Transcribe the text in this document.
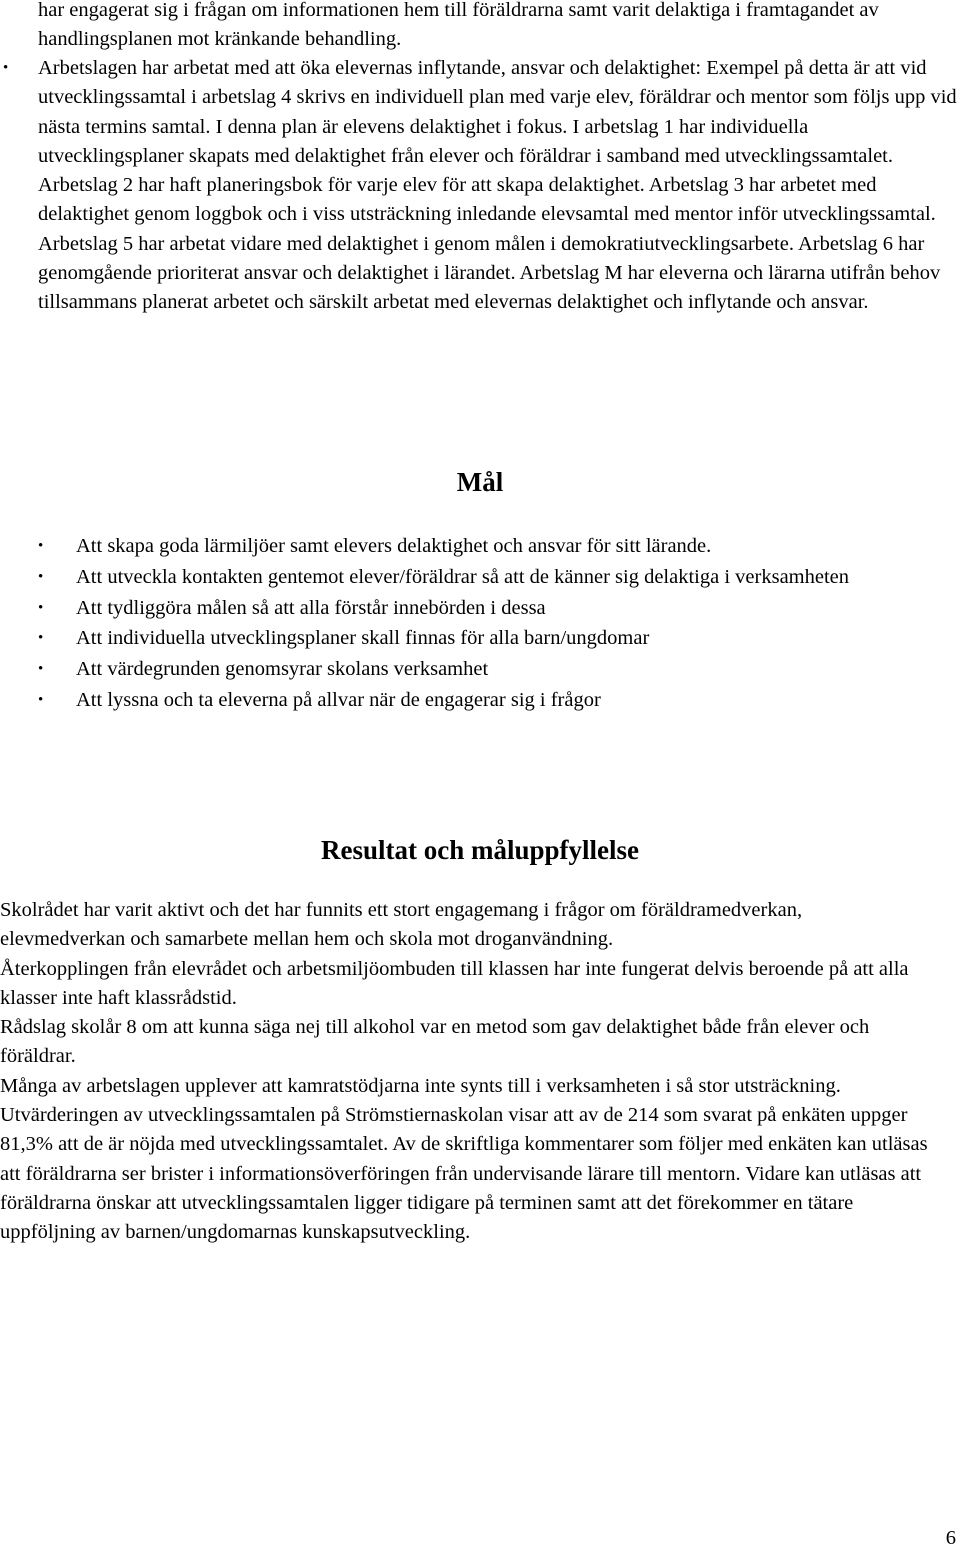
har engagerat sig i frågan om informationen hem till föräldrarna samt varit delaktiga i framtagandet av handlingsplanen mot kränkande behandling.

• Arbetslagen har arbetat med att öka elevernas inflytande, ansvar och delaktighet: Exempel på detta är att vid utvecklingssamtal i arbetslag 4 skrivs en individuell plan med varje elev, föräldrar och mentor som följs upp vid nästa termins samtal. I denna plan är elevens delaktighet i fokus. I arbetslag 1 har individuella utvecklingsplaner skapats med delaktighet från elever och föräldrar i samband med utvecklingssamtalet. Arbetslag 2 har haft planeringsbok för varje elev för att skapa delaktighet. Arbetslag 3 har arbetet med delaktighet genom loggbok och i viss utsträckning inledande elevsamtal med mentor inför utvecklingssamtal. Arbetslag 5 har arbetat vidare med delaktighet i genom målen i demokratiutvecklingsarbete. Arbetslag 6 har genomgående prioriterat ansvar och delaktighet i lärandet. Arbetslag M har eleverna och lärarna utifrån behov tillsammans planerat arbetet och särskilt arbetat med elevernas delaktighet och inflytande och ansvar.
Mål
• Att skapa goda lärmiljöer samt elevers delaktighet och ansvar för sitt lärande.
• Att utveckla kontakten gentemot elever/föräldrar så att de känner sig delaktiga i verksamheten
• Att tydliggöra målen så att alla förstår innebörden i dessa
• Att individuella utvecklingsplaner skall finnas för alla barn/ungdomar
• Att värdegrunden genomsyrar skolans verksamhet
• Att lyssna och ta eleverna på allvar när de engagerar sig i frågor
Resultat och måluppfyllelse

Skolrådet har varit aktivt och det har funnits ett stort engagemang i frågor om föräldramedverkan, elevmedverkan och samarbete mellan hem och skola mot droganvändning.

Återkopplingen från elevrådet och arbetsmiljöombuden till klassen har inte fungerat delvis beroende på att alla klasser inte haft klassrådstid.

Rådslag skolår 8 om att kunna säga nej till alkohol var en metod som gav delaktighet både från elever och föräldrar.

Många av arbetslagen upplever att kamratstödjarna inte synts till i verksamheten i så stor utsträckning.

Utvärderingen av utvecklingssamtalen på Strömstiernaskolan visar att av de 214 som svarat på enkäten uppger 81,3% att de är nöjda med utvecklingssamtalet. Av de skriftliga kommentarer som följer med enkäten kan utläsas att föräldrarna ser brister i informationsöverföringen från undervisande lärare till mentorn. Vidare kan utläsas att föräldrarna önskar att utvecklingssamtalen ligger tidigare på terminen samt att det förekommer en tätare uppföljning av barnen/ungdomarnas kunskapsutveckling.

6
